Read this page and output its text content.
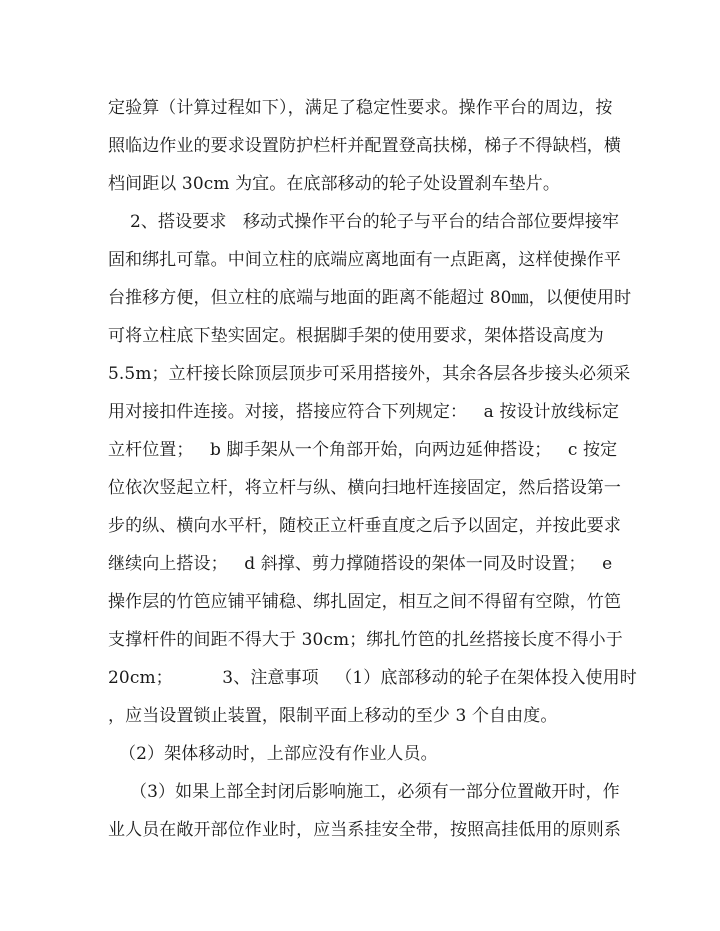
定验算（计算过程如下），满足了稳定性要求。操作平台的周边，按
照临边作业的要求设置防护栏杆并配置登高扶梯，梯子不得缺档，横
档间距以 30cm 为宜。在底部移动的轮子处设置刹车垫片。
2、搭设要求   移动式操作平台的轮子与平台的结合部位要焊接牢
固和绑扎可靠。中间立柱的底端应离地面有一点距离，这样使操作平
台推移方便，但立柱的底端与地面的距离不能超过 80㎜，以便使用时
可将立柱底下垫实固定。根据脚手架的使用要求，架体搭设高度为
5.5m；立杆接长除顶层顶步可采用搭接外，其余各层各步接头必须采
用对接扣件连接。对接，搭接应符合下列规定：   a 按设计放线标定
立杆位置；   b 脚手架从一个角部开始，向两边延伸搭设；   c 按定
位依次竖起立杆，将立杆与纵、横向扫地杆连接固定，然后搭设第一
步的纵、横向水平杆，随校正立杆垂直度之后予以固定，并按此要求
继续向上搭设；   d 斜撑、剪力撑随搭设的架体一同及时设置；   e
操作层的竹笆应铺平铺稳、绑扎固定，相互之间不得留有空隙，竹笆
支撑杆件的间距不得大于 30cm；绑扎竹笆的扎丝搭接长度不得小于
20cm；         3、注意事项   （1）底部移动的轮子在架体投入使用时
，应当设置锁止装置，限制平面上移动的至少 3 个自由度。
（2）架体移动时，上部应没有作业人员。
（3）如果上部全封闭后影响施工，必须有一部分位置敞开时，作
业人员在敞开部位作业时，应当系挂安全带，按照高挂低用的原则系
